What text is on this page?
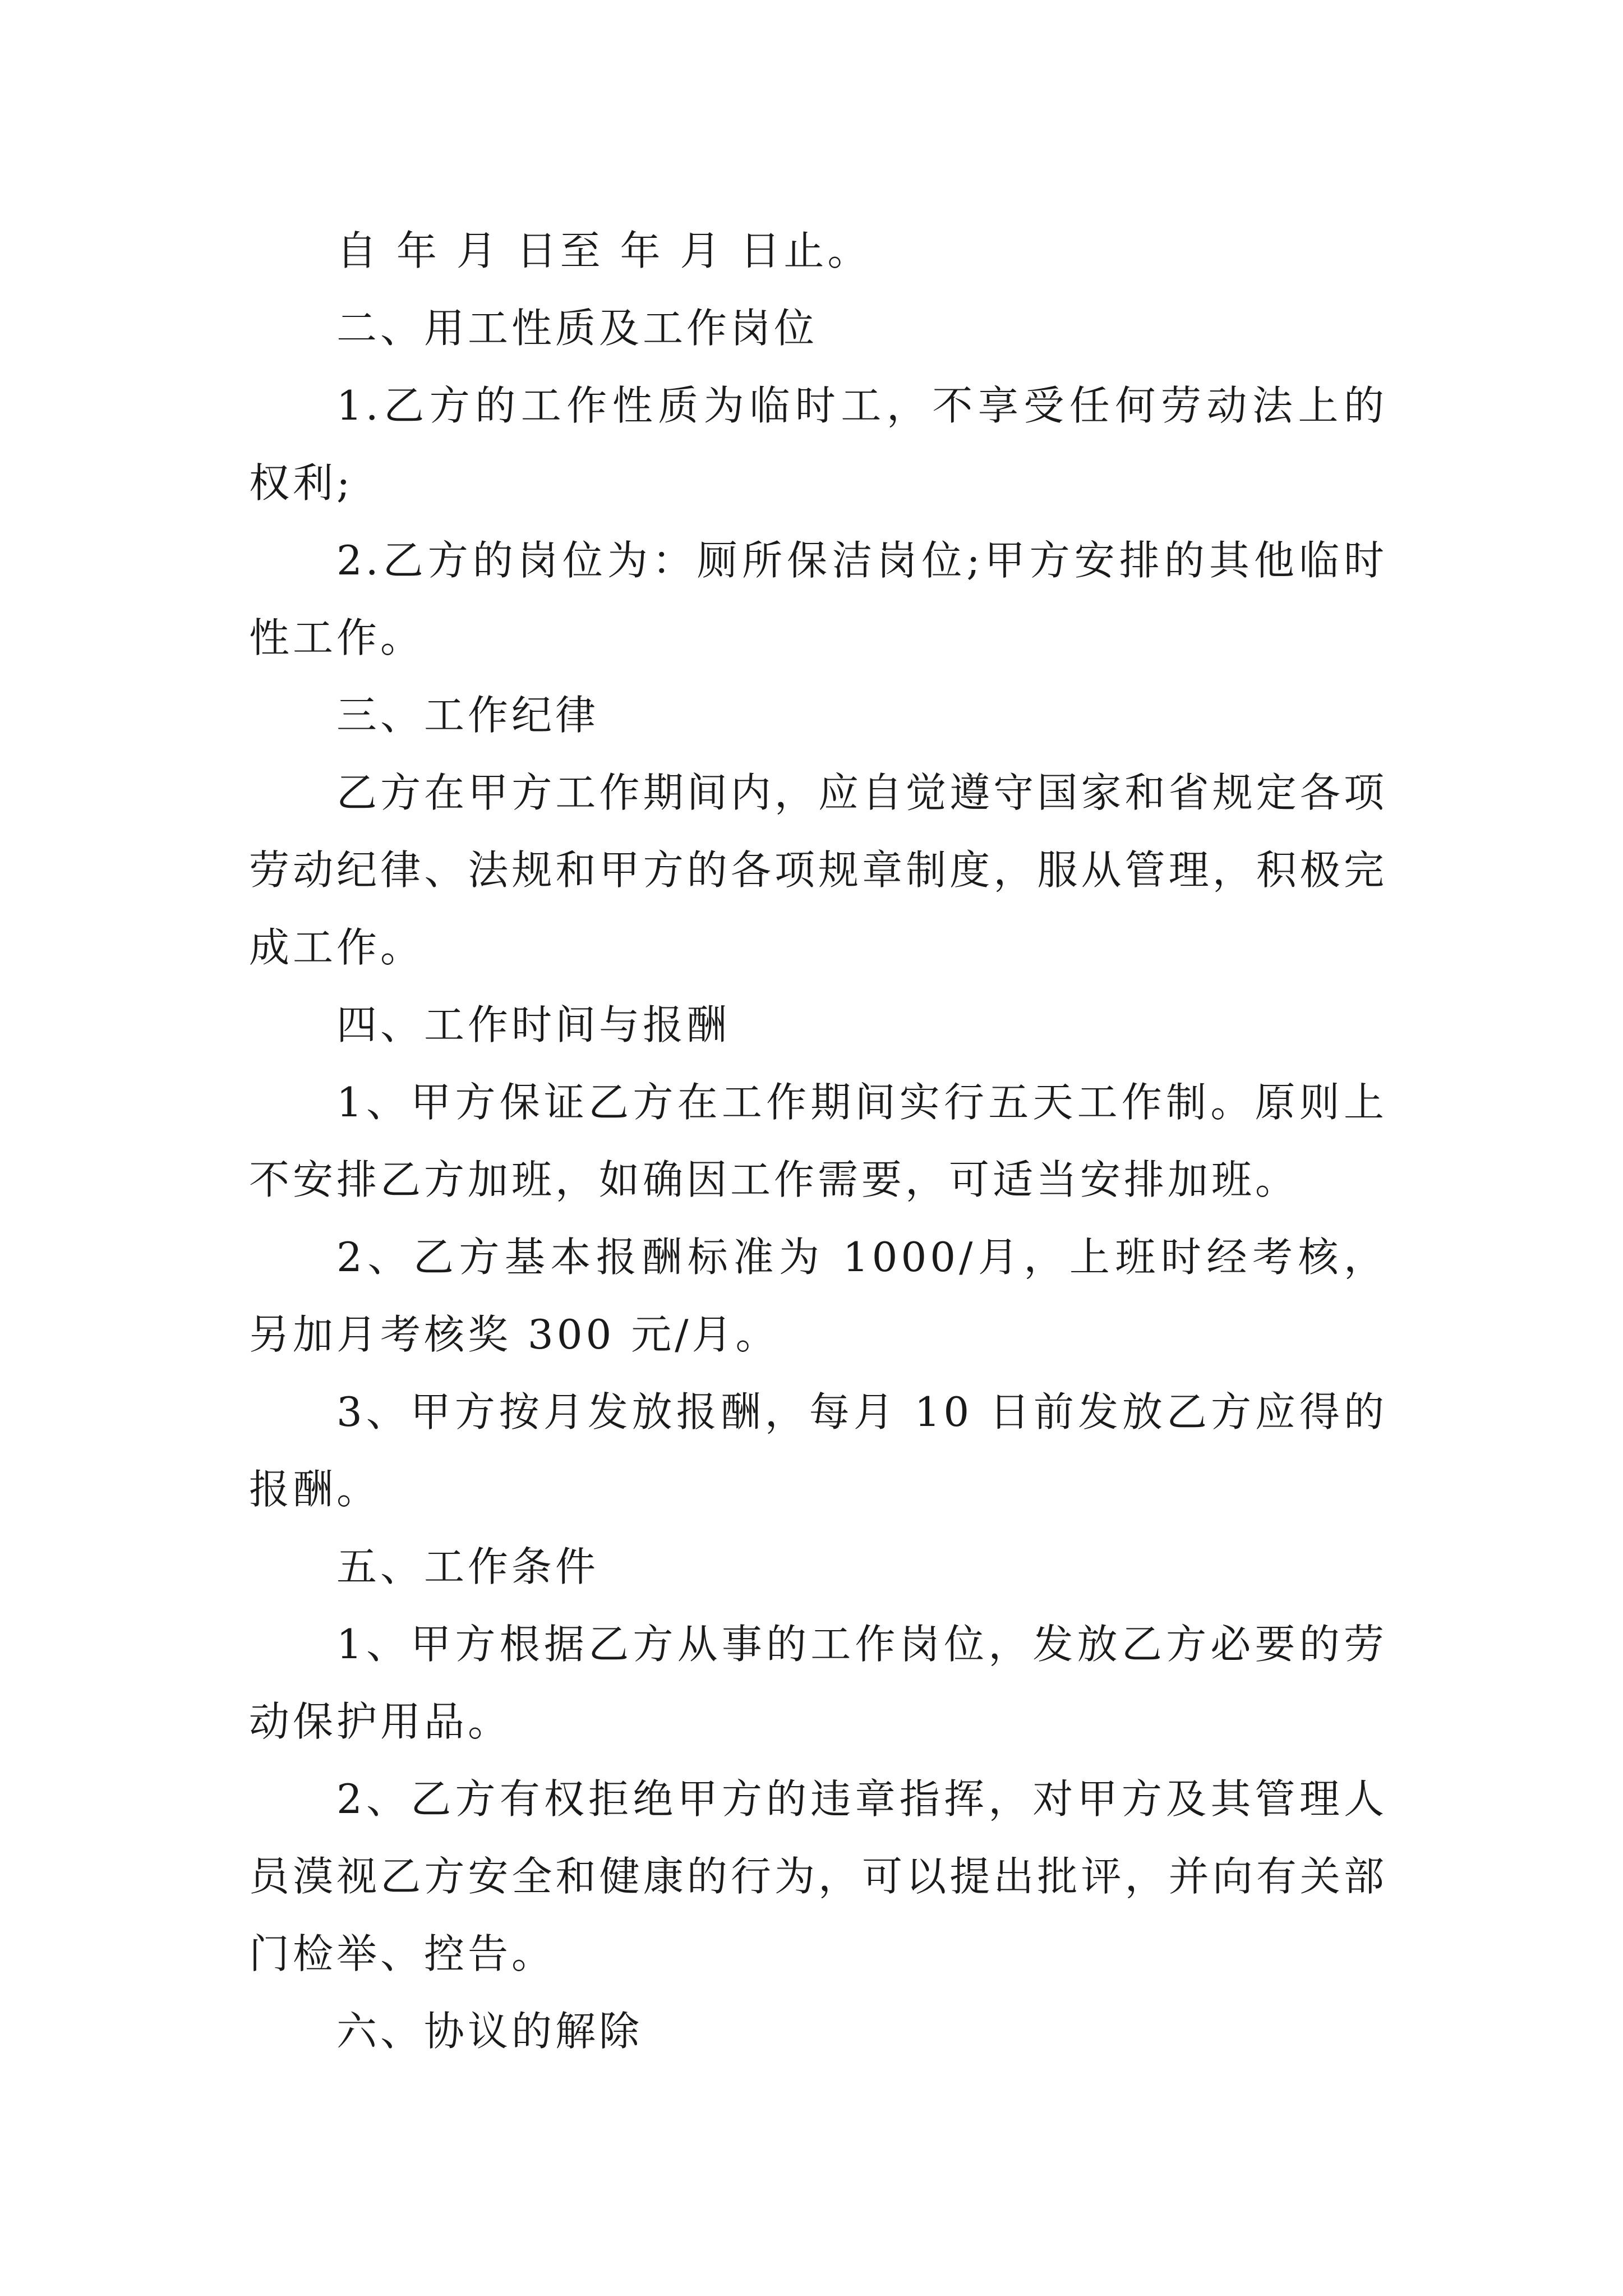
自 年 月 日至 年 月 日止。

二、用工性质及工作岗位

1.乙方的工作性质为临时工，不享受任何劳动法上的权利;

2.乙方的岗位为：厕所保洁岗位;甲方安排的其他临时性工作。

三、工作纪律

乙方在甲方工作期间内，应自觉遵守国家和省规定各项劳动纪律、法规和甲方的各项规章制度，服从管理，积极完成工作。

四、工作时间与报酬

1、甲方保证乙方在工作期间实行五天工作制。原则上不安排乙方加班，如确因工作需要，可适当安排加班。

2、乙方基本报酬标准为 1000/月，上班时经考核，另加月考核奖 300 元/月。

3、甲方按月发放报酬，每月 10 日前发放乙方应得的报酬。

五、工作条件

1、甲方根据乙方从事的工作岗位，发放乙方必要的劳动保护用品。

2、乙方有权拒绝甲方的违章指挥，对甲方及其管理人员漠视乙方安全和健康的行为，可以提出批评，并向有关部门检举、控告。

六、协议的解除
